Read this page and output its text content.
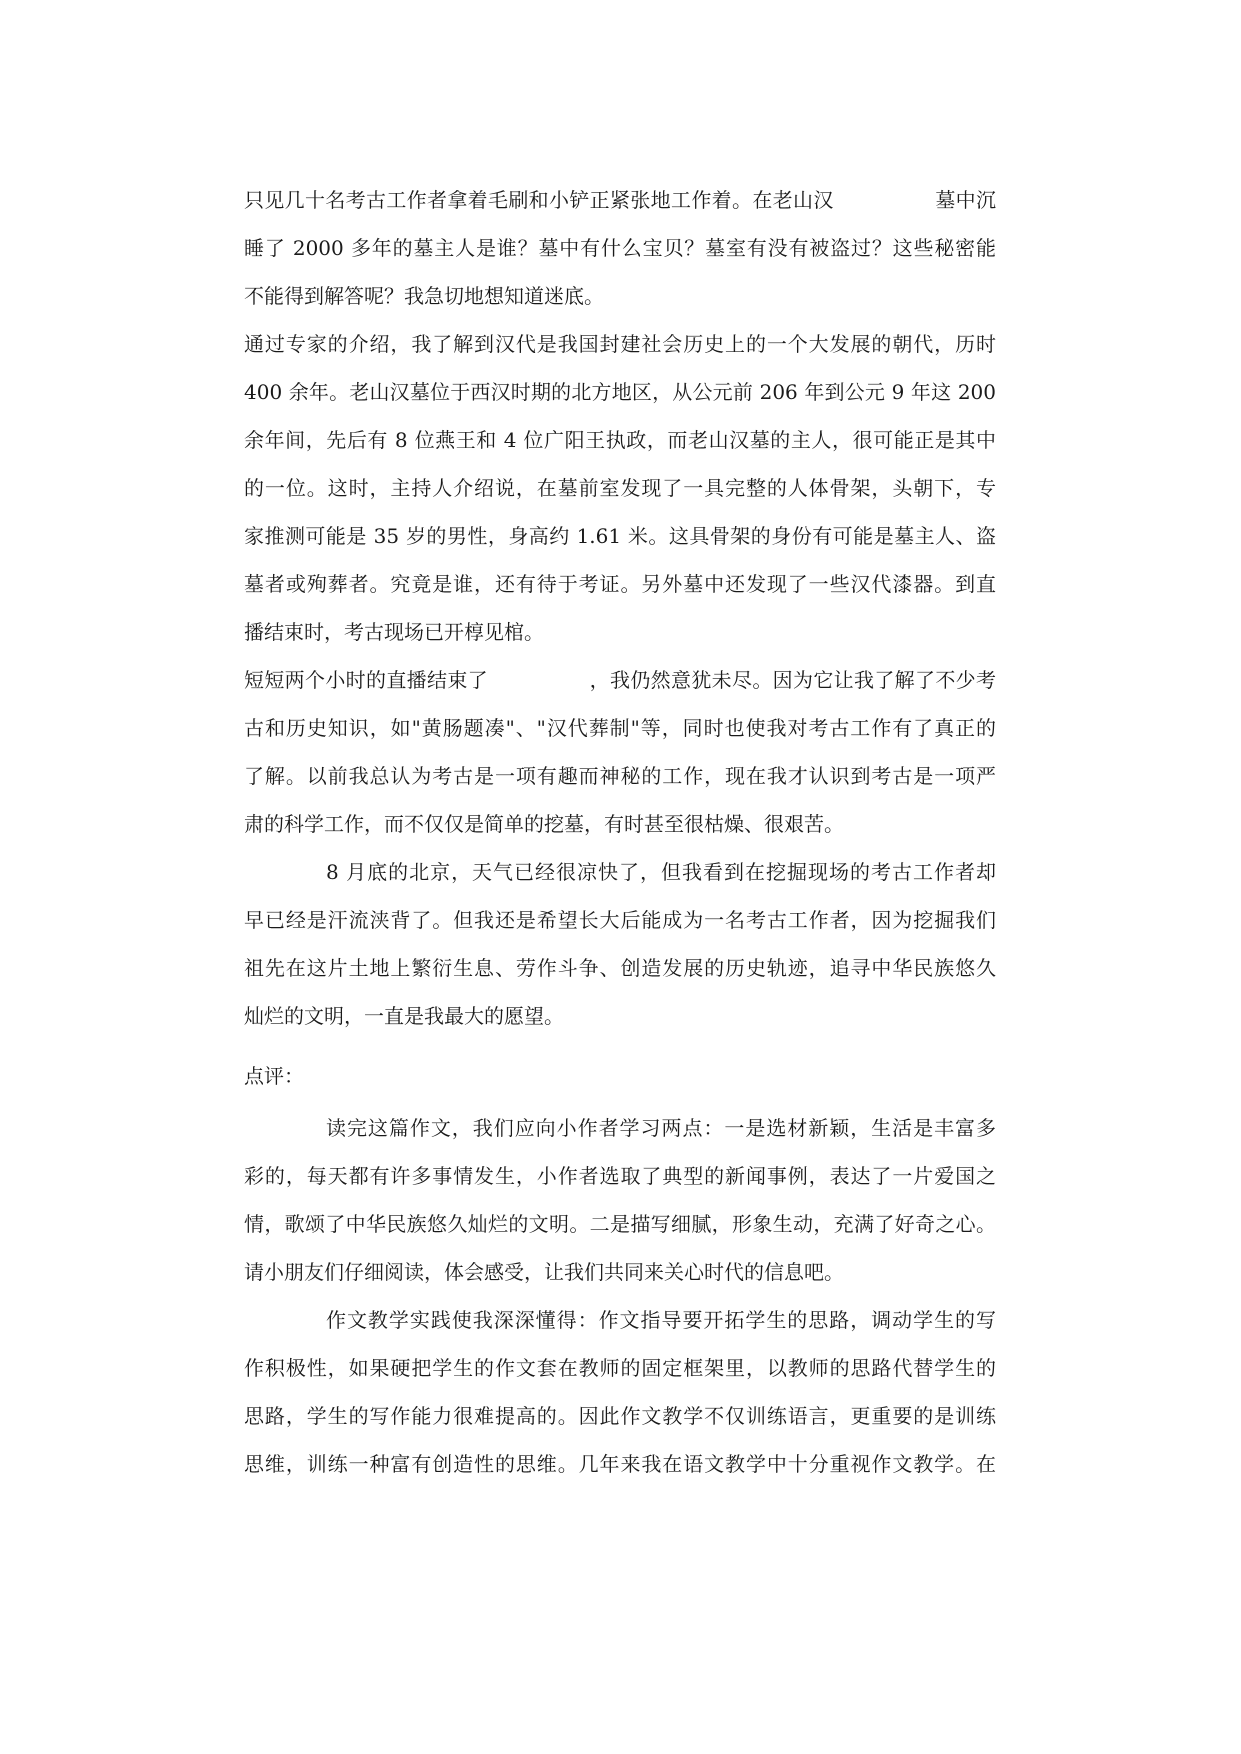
只见几十名考古工作者拿着毛刷和小铲正紧张地工作着。在老山汉　　　　　墓中沉
睡了 2000 多年的墓主人是谁？墓中有什么宝贝？墓室有没有被盗过？这些秘密能
不能得到解答呢？我急切地想知道迷底。
通过专家的介绍，我了解到汉代是我国封建社会历史上的一个大发展的朝代，历时
400 余年。老山汉墓位于西汉时期的北方地区，从公元前 206 年到公元 9 年这 200
余年间，先后有 8 位燕王和 4 位广阳王执政，而老山汉墓的主人，很可能正是其中
的一位。这时，主持人介绍说，在墓前室发现了一具完整的人体骨架，头朝下，专
家推测可能是 35 岁的男性，身高约 1.61 米。这具骨架的身份有可能是墓主人、盗
墓者或殉葬者。究竟是谁，还有待于考证。另外墓中还发现了一些汉代漆器。到直
播结束时，考古现场已开椁见棺。
短短两个小时的直播结束了　　　　　，我仍然意犹未尽。因为它让我了解了不少考
古和历史知识，如"黄肠题凑"、"汉代葬制"等，同时也使我对考古工作有了真正的
了解。以前我总认为考古是一项有趣而神秘的工作，现在我才认识到考古是一项严
肃的科学工作，而不仅仅是简单的挖墓，有时甚至很枯燥、很艰苦。
8 月底的北京，天气已经很凉快了，但我看到在挖掘现场的考古工作者却
早已经是汗流浃背了。但我还是希望长大后能成为一名考古工作者，因为挖掘我们
祖先在这片土地上繁衍生息、劳作斗争、创造发展的历史轨迹，追寻中华民族悠久
灿烂的文明，一直是我最大的愿望。
点评：
读完这篇作文，我们应向小作者学习两点：一是选材新颖，生活是丰富多
彩的，每天都有许多事情发生，小作者选取了典型的新闻事例，表达了一片爱国之
情，歌颂了中华民族悠久灿烂的文明。二是描写细腻，形象生动，充满了好奇之心。
请小朋友们仔细阅读，体会感受，让我们共同来关心时代的信息吧。
作文教学实践使我深深懂得：作文指导要开拓学生的思路，调动学生的写
作积极性，如果硬把学生的作文套在教师的固定框架里，以教师的思路代替学生的
思路，学生的写作能力很难提高的。因此作文教学不仅训练语言，更重要的是训练
思维，训练一种富有创造性的思维。几年来我在语文教学中十分重视作文教学。在
